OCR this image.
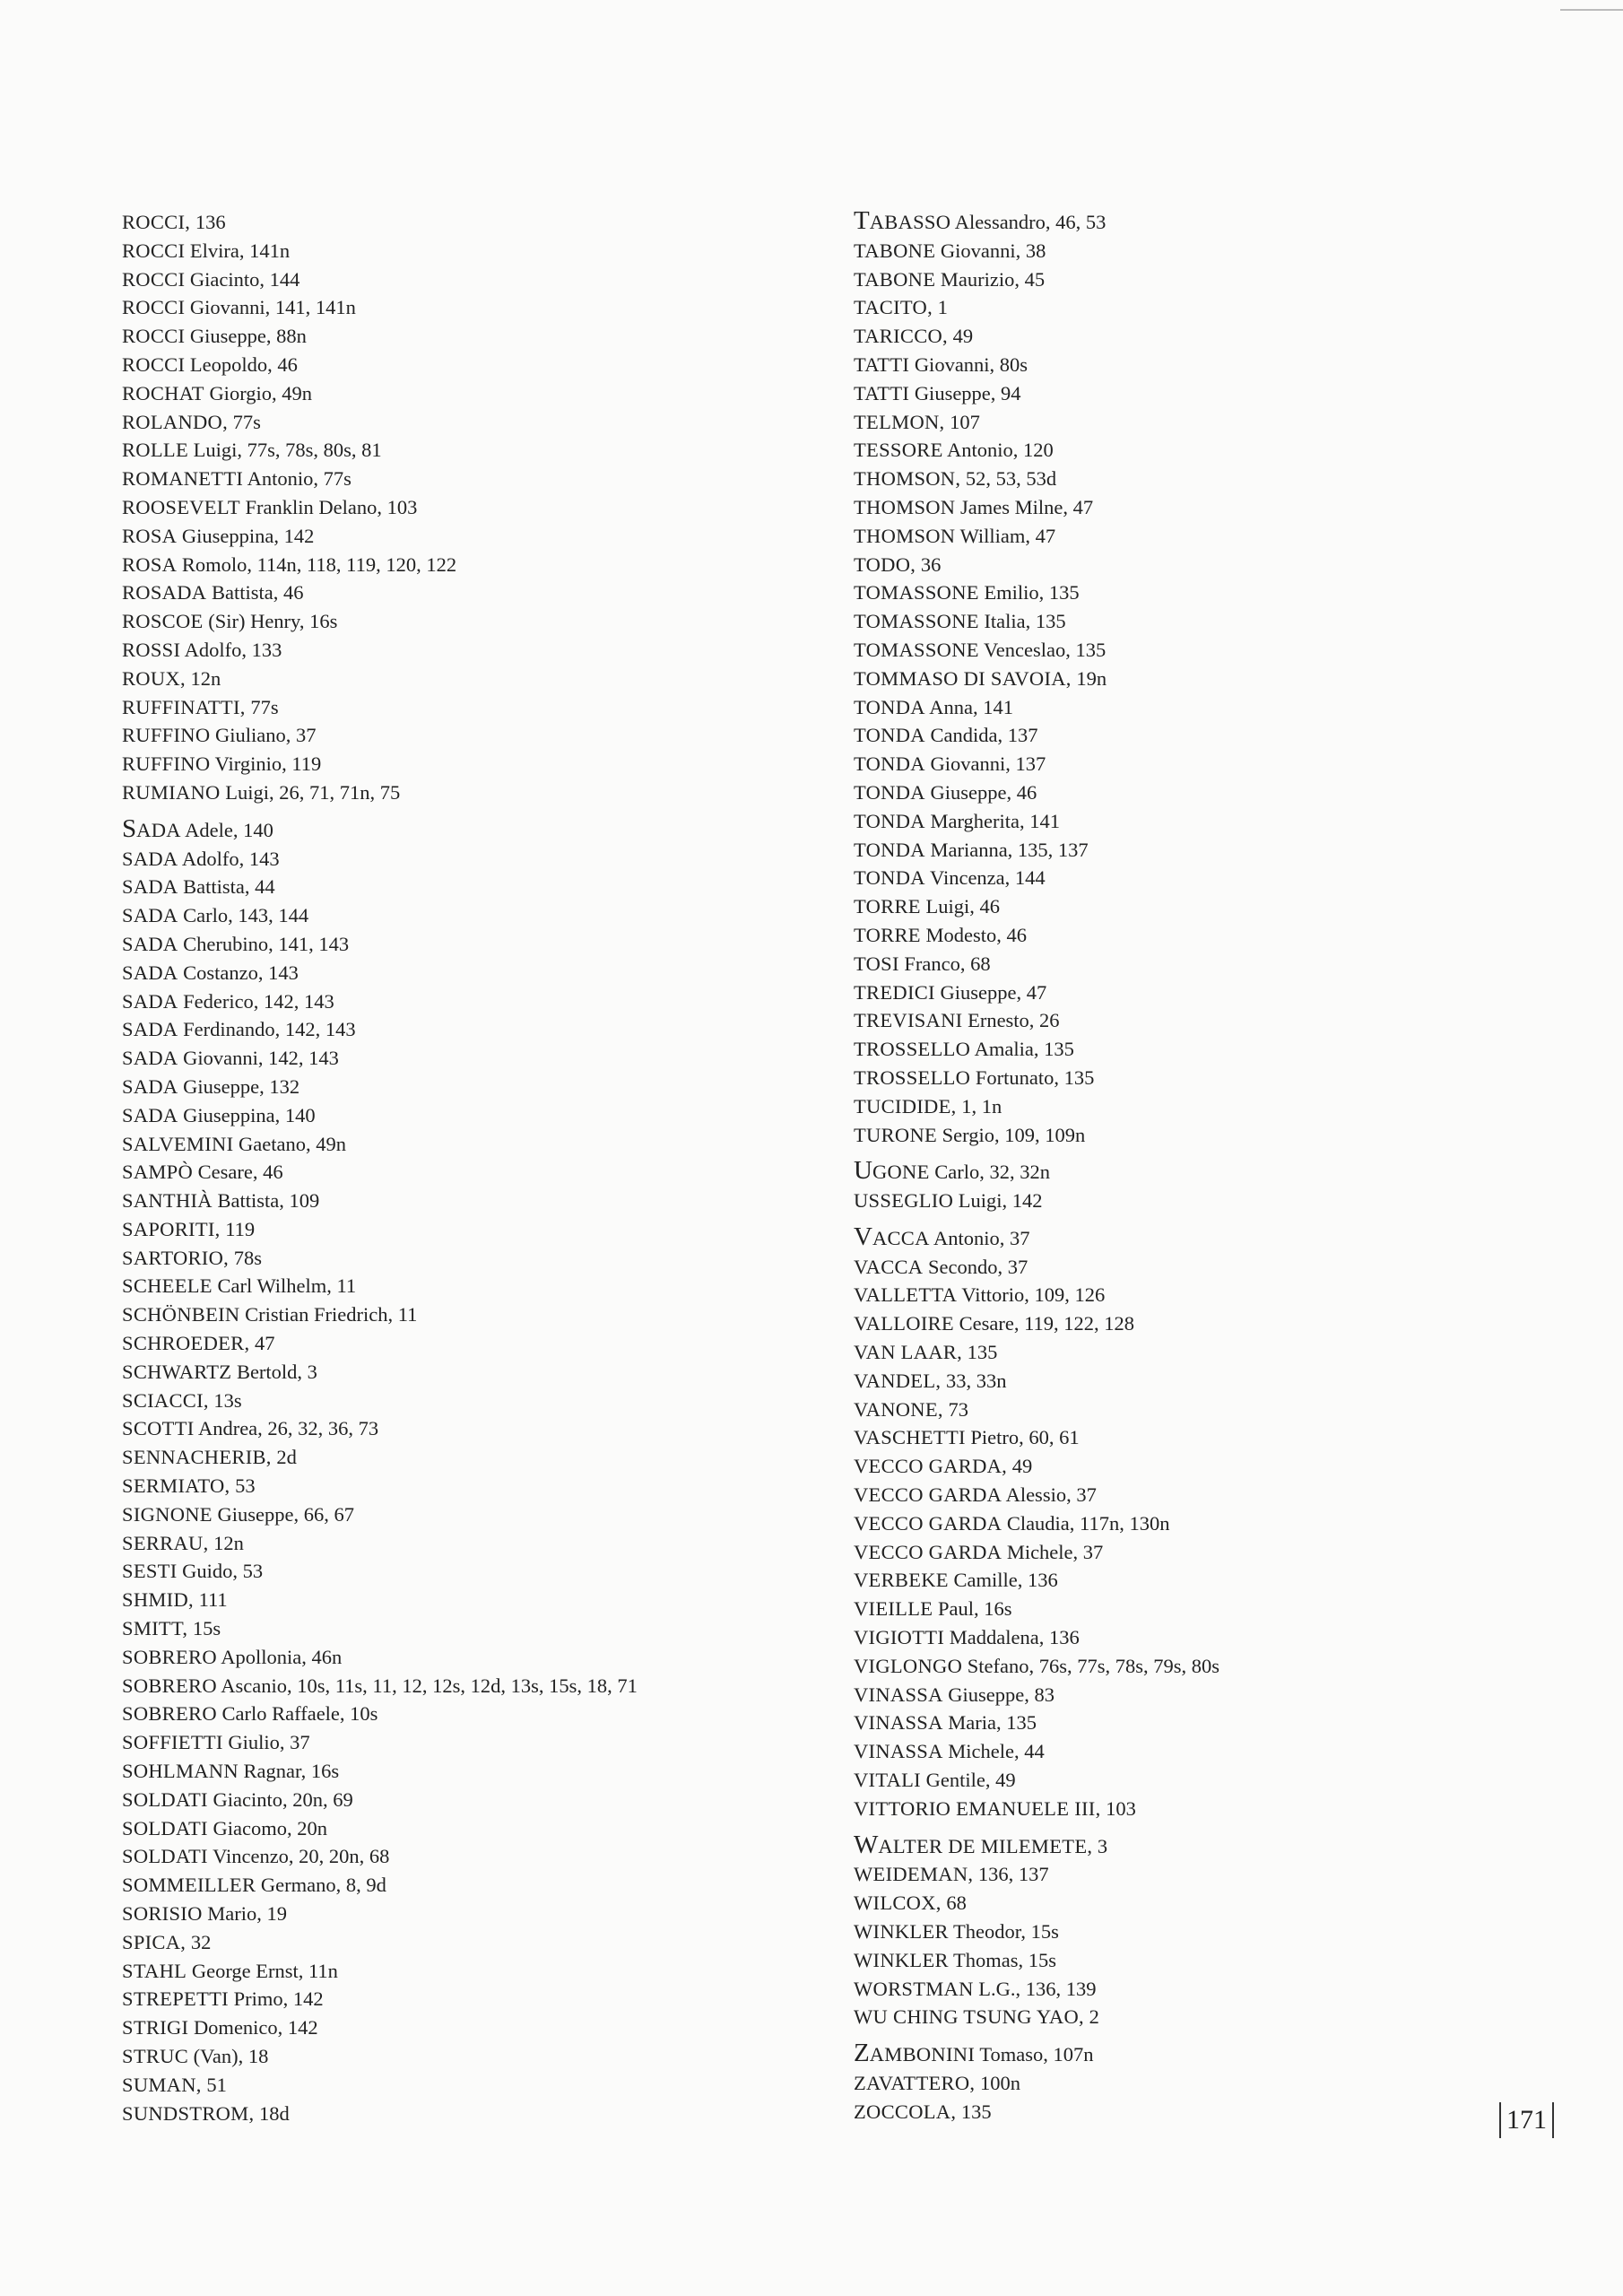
ROCCI, 136
ROCCI Elvira, 141n
ROCCI Giacinto, 144
ROCCI Giovanni, 141, 141n
ROCCI Giuseppe, 88n
ROCCI Leopoldo, 46
ROCHAT Giorgio, 49n
ROLANDO, 77s
ROLLE Luigi, 77s, 78s, 80s, 81
ROMANETTI Antonio, 77s
ROOSEVELT Franklin Delano, 103
ROSA Giuseppina, 142
ROSA Romolo, 114n, 118, 119, 120, 122
ROSADA Battista, 46
ROSCOE (Sir) Henry, 16s
ROSSI Adolfo, 133
ROUX, 12n
RUFFINATTI, 77s
RUFFINO Giuliano, 37
RUFFINO Virginio, 119
RUMIANO Luigi, 26, 71, 71n, 75
SADA Adele, 140
SADA Adolfo, 143
SADA Battista, 44
SADA Carlo, 143, 144
SADA Cherubino, 141, 143
SADA Costanzo, 143
SADA Federico, 142, 143
SADA Ferdinando, 142, 143
SADA Giovanni, 142, 143
SADA Giuseppe, 132
SADA Giuseppina, 140
SALVEMINI Gaetano, 49n
SAMPÒ Cesare, 46
SANTHIÀ Battista, 109
SAPORITI, 119
SARTORIO, 78s
SCHEELE Carl Wilhelm, 11
SCHÖNBEIN Cristian Friedrich, 11
SCHROEDER, 47
SCHWARTZ Bertold, 3
SCIACCI, 13s
SCOTTI Andrea, 26, 32, 36, 73
SENNACHERIB, 2d
SERMIATO, 53
SIGNONE Giuseppe, 66, 67
SERRAU, 12n
SESTI Guido, 53
SHMID, 111
SMITT, 15s
SOBRERO Apollonia, 46n
SOBRERO Ascanio, 10s, 11s, 11, 12, 12s, 12d, 13s, 15s, 18, 71
SOBRERO Carlo Raffaele, 10s
SOFFIETTI Giulio, 37
SOHLMANN Ragnar, 16s
SOLDATI Giacinto, 20n, 69
SOLDATI Giacomo, 20n
SOLDATI Vincenzo, 20, 20n, 68
SOMMEILLER Germano, 8, 9d
SORISIO Mario, 19
SPICA, 32
STAHL George Ernst, 11n
STREPETTI Primo, 142
STRIGI Domenico, 142
STRUC (Van), 18
SUMAN, 51
SUNDSTROM, 18d
TABASSO Alessandro, 46, 53
TABONE Giovanni, 38
TABONE Maurizio, 45
TACITO, 1
TARICCO, 49
TATTI Giovanni, 80s
TATTI Giuseppe, 94
TELMON, 107
TESSORE Antonio, 120
THOMSON, 52, 53, 53d
THOMSON James Milne, 47
THOMSON William, 47
TODO, 36
TOMASSONE Emilio, 135
TOMASSONE Italia, 135
TOMASSONE Venceslao, 135
TOMMASO DI SAVOIA, 19n
TONDA Anna, 141
TONDA Candida, 137
TONDA Giovanni, 137
TONDA Giuseppe, 46
TONDA Margherita, 141
TONDA Marianna, 135, 137
TONDA Vincenza, 144
TORRE Luigi, 46
TORRE Modesto, 46
TOSI Franco, 68
TREDICI Giuseppe, 47
TREVISANI Ernesto, 26
TROSSELLO Amalia, 135
TROSSELLO Fortunato, 135
TUCIDIDE, 1, 1n
TURONE Sergio, 109, 109n
UGONE Carlo, 32, 32n
USSEGLIO Luigi, 142
VACCA Antonio, 37
VACCA Secondo, 37
VALLETTA Vittorio, 109, 126
VALLOIRE Cesare, 119, 122, 128
VAN LAAR, 135
VANDEL, 33, 33n
VANONE, 73
VASCHETTI Pietro, 60, 61
VECCO GARDA, 49
VECCO GARDA Alessio, 37
VECCO GARDA Claudia, 117n, 130n
VECCO GARDA Michele, 37
VERBEKE Camille, 136
VIEILLE Paul, 16s
VIGIOTTI Maddalena, 136
VIGLONGO Stefano, 76s, 77s, 78s, 79s, 80s
VINASSA Giuseppe, 83
VINASSA Maria, 135
VINASSA Michele, 44
VITALI Gentile, 49
VITTORIO EMANUELE III, 103
WALTER DE MILEMETE, 3
WEIDEMAN, 136, 137
WILCOX, 68
WINKLER Theodor, 15s
WINKLER Thomas, 15s
WORSTMAN L.G., 136, 139
WU CHING TSUNG YAO, 2
ZAMBONINI Tomaso, 107n
ZAVATTERO, 100n
ZOCCOLA, 135	171
